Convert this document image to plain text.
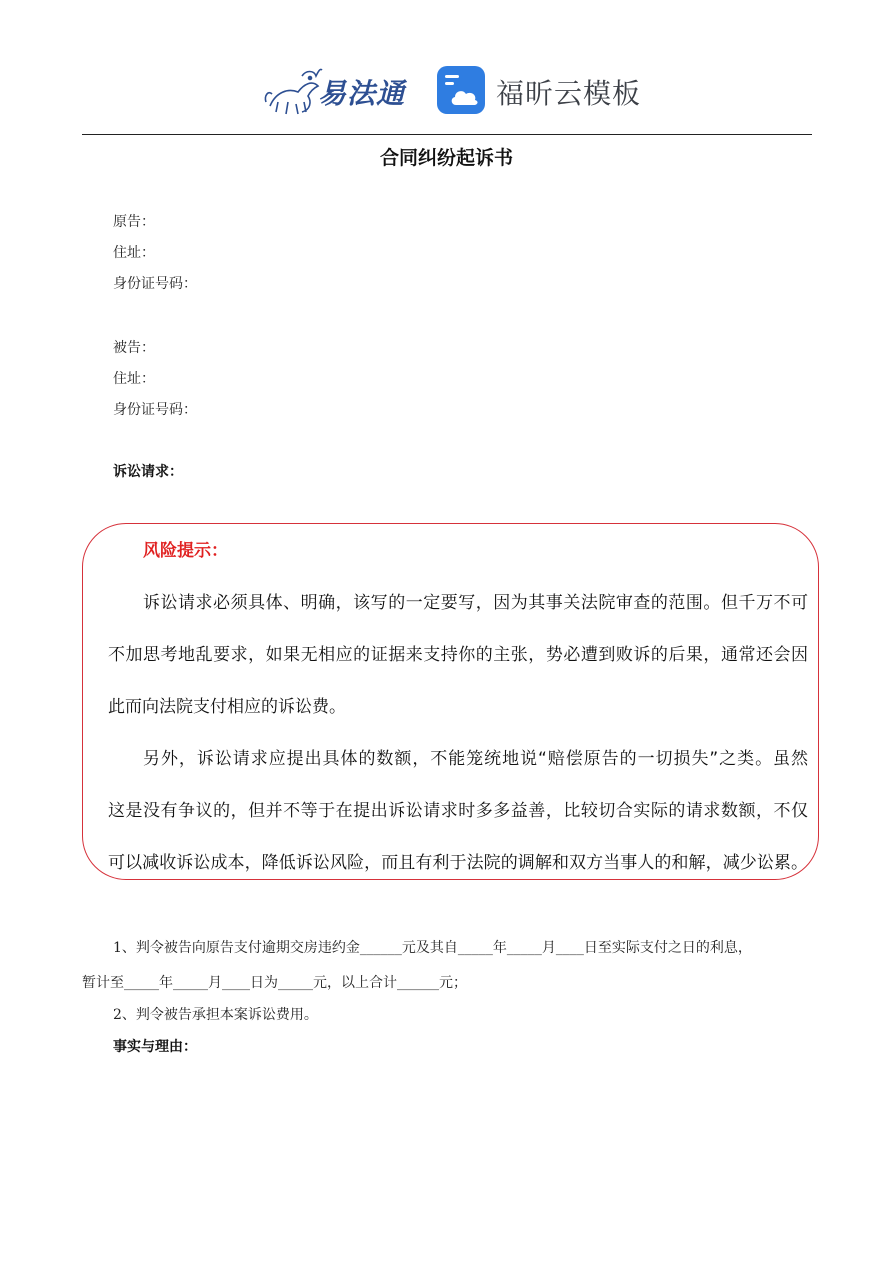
易法通	福昕云模板
合同纠纷起诉书
原告：
住址：
身份证号码：
被告：
住址：
身份证号码：
诉讼请求：
风险提示：
诉讼请求必须具体、明确，该写的一定要写，因为其事关法院审查的范围。但千万不可
不加思考地乱要求，如果无相应的证据来支持你的主张，势必遭到败诉的后果，通常还会因
此而向法院支付相应的诉讼费。
另外，诉讼请求应提出具体的数额，不能笼统地说“赔偿原告的一切损失”之类。虽然
这是没有争议的，但并不等于在提出诉讼请求时多多益善，比较切合实际的请求数额，不仅
可以减收诉讼成本，降低诉讼风险，而且有利于法院的调解和双方当事人的和解，减少讼累。
1、判令被告向原告支付逾期交房违约金______元及其自_____年_____月____日至实际支付之日的利息，
暂计至_____年_____月____日为_____元，以上合计______元；
2、判令被告承担本案诉讼费用。
事实与理由：
